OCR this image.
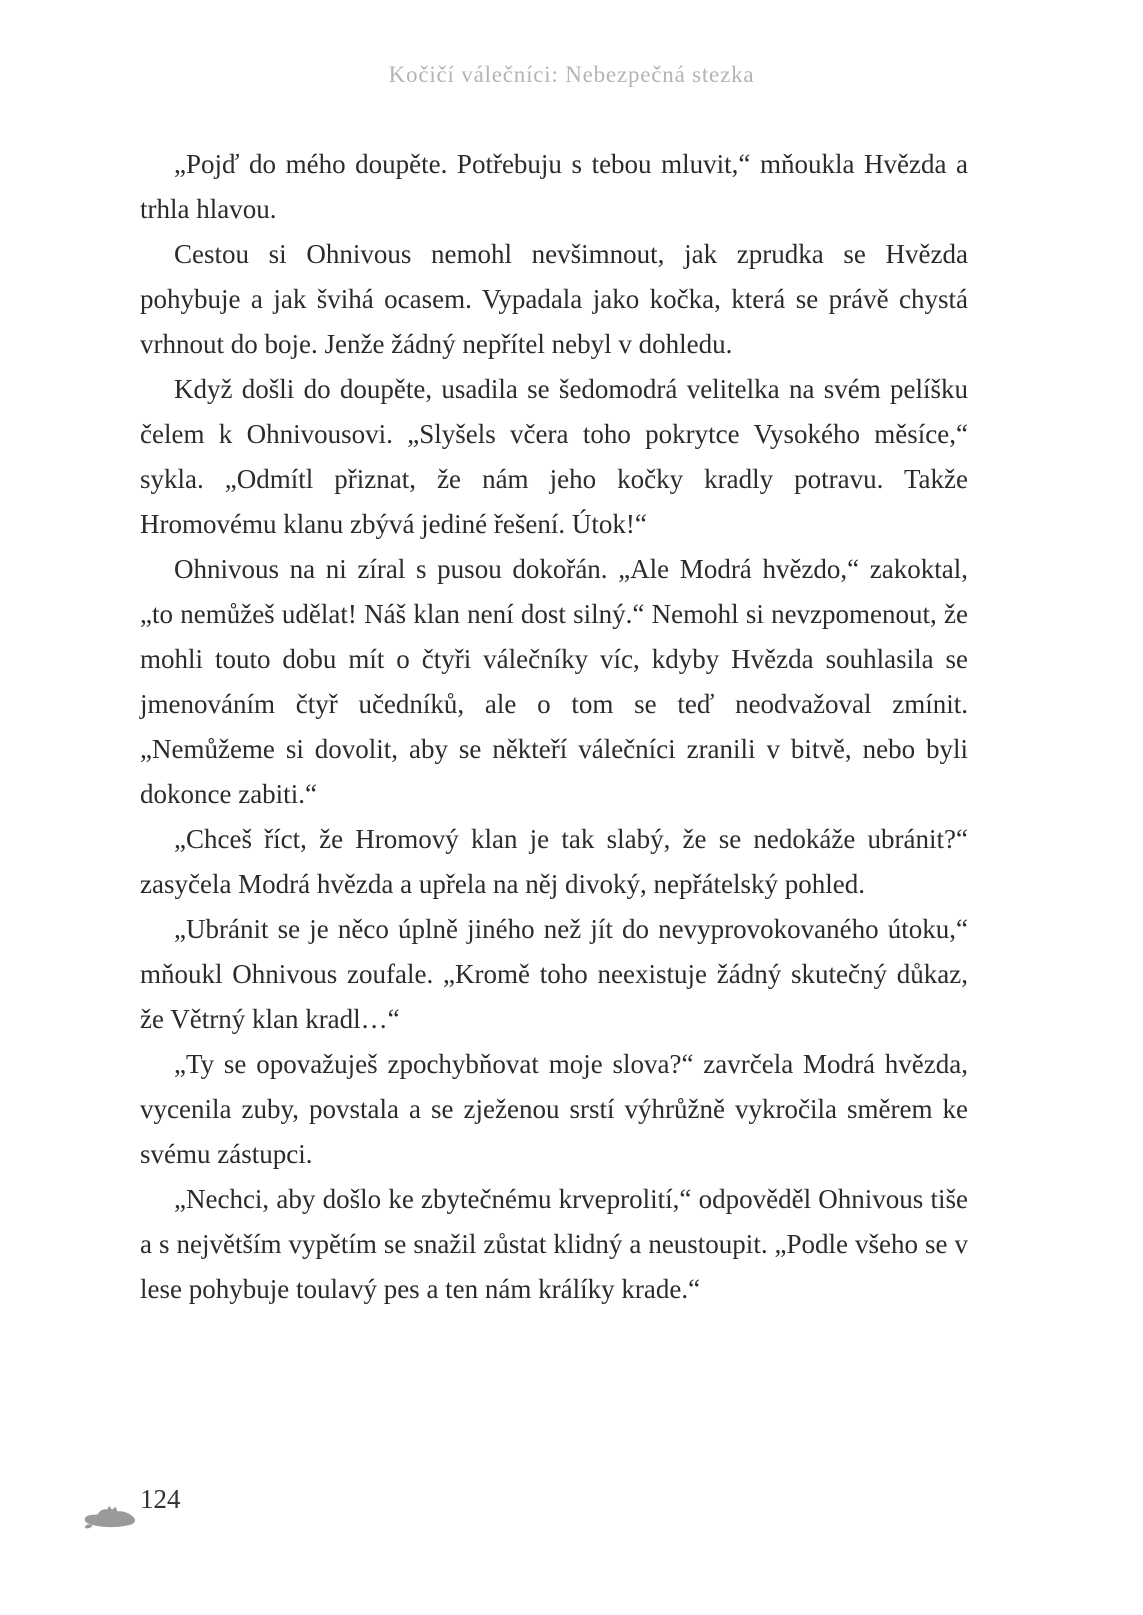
Kočičí válečníci: Nebezpečná stezka

„Pojď do mého doupěte. Potřebuju s tebou mluvit,“ mňoukla Hvězda a trhla hlavou.

Cestou si Ohnivous nemohl nevšimnout, jak zprudka se Hvězda pohybuje a jak švihá ocasem. Vypadala jako kočka, která se právě chystá vrhnout do boje. Jenže žádný nepřítel nebyl v dohledu.

Když došli do doupěte, usadila se šedomodrá velitelka na svém pelíšku čelem k Ohnivousovi. „Slyšels včera toho pokrytce Vysokého měsíce,“ sykla. „Odmítl přiznat, že nám jeho kočky kradly potravu. Takže Hromovému klanu zbývá jediné řešení. Útok!“

Ohnivous na ni zíral s pusou dokořán. „Ale Modrá hvězdo,“ zakoktal, „to nemůžeš udělat! Náš klan není dost silný.“ Nemohl si nevzpomenout, že mohli touto dobu mít o čtyři válečníky víc, kdyby Hvězda souhlasila se jmenováním čtyř učedníků, ale o tom se teď neodvažoval zmínit. „Nemůžeme si dovolit, aby se někteří válečníci zranili v bitvě, nebo byli dokonce zabiti.“

„Chceš říct, že Hromový klan je tak slabý, že se nedokáže ubránit?“ zasyčela Modrá hvězda a upřela na něj divoký, nepřátelský pohled.

„Ubránit se je něco úplně jiného než jít do nevyprovokovaného útoku,“ mňoukl Ohnivous zoufale. „Kromě toho neexistuje žádný skutečný důkaz, že Větrný klan kradl…“

„Ty se opovažuješ zpochybňovat moje slova?“ zavrčela Modrá hvězda, vycenila zuby, povstala a se zježenou srstí výhrůžně vykročila směrem ke svému zástupci.

„Nechci, aby došlo ke zbytečnému krveprolití,“ odpověděl Ohnivous tiše a s největším vypětím se snažil zůstat klidný a neustoupit. „Podle všeho se v lese pohybuje toulavý pes a ten nám králíky krade.“

124
